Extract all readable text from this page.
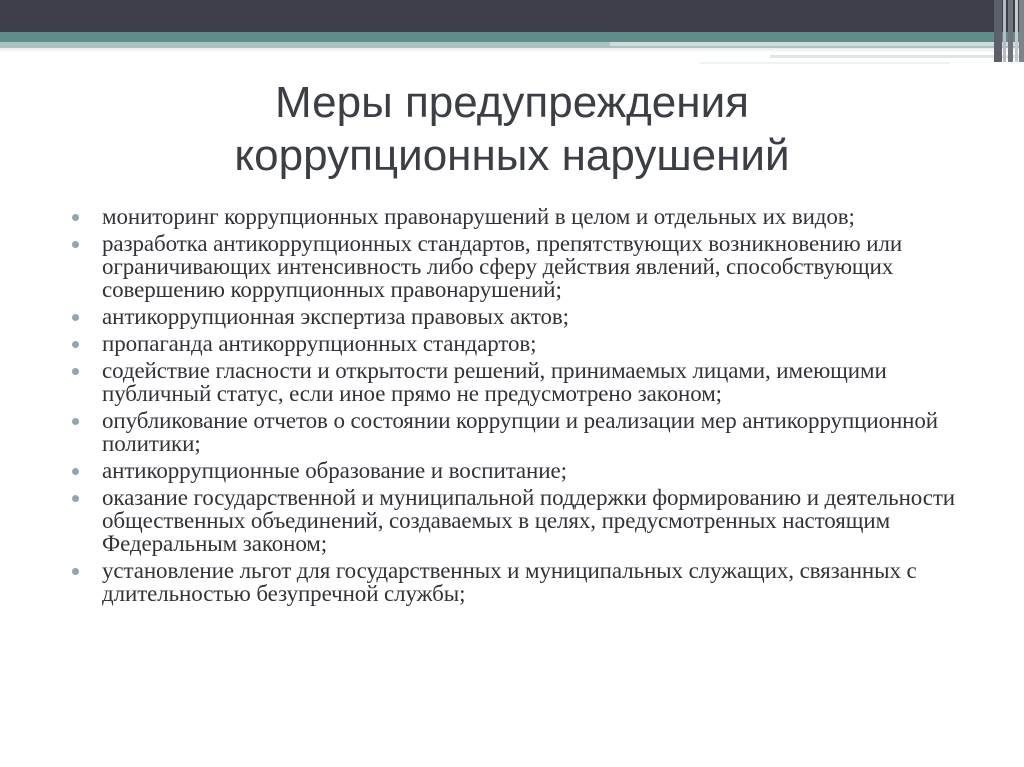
Меры предупреждения
коррупционных нарушений
мониторинг коррупционных правонарушений в целом и отдельных их видов;
разработка антикоррупционных стандартов, препятствующих возникновению или ограничивающих интенсивность либо сферу действия явлений, способствующих совершению коррупционных правонарушений;
антикоррупционная экспертиза правовых актов;
пропаганда антикоррупционных стандартов;
содействие гласности и открытости решений, принимаемых лицами, имеющими публичный статус, если иное прямо не предусмотрено законом;
опубликование отчетов о состоянии коррупции и реализации мер антикоррупционной политики;
антикоррупционные образование и воспитание;
оказание государственной и муниципальной поддержки формированию и деятельности общественных объединений, создаваемых в целях, предусмотренных настоящим Федеральным законом;
установление льгот для государственных и муниципальных служащих, связанных с длительностью безупречной службы;
